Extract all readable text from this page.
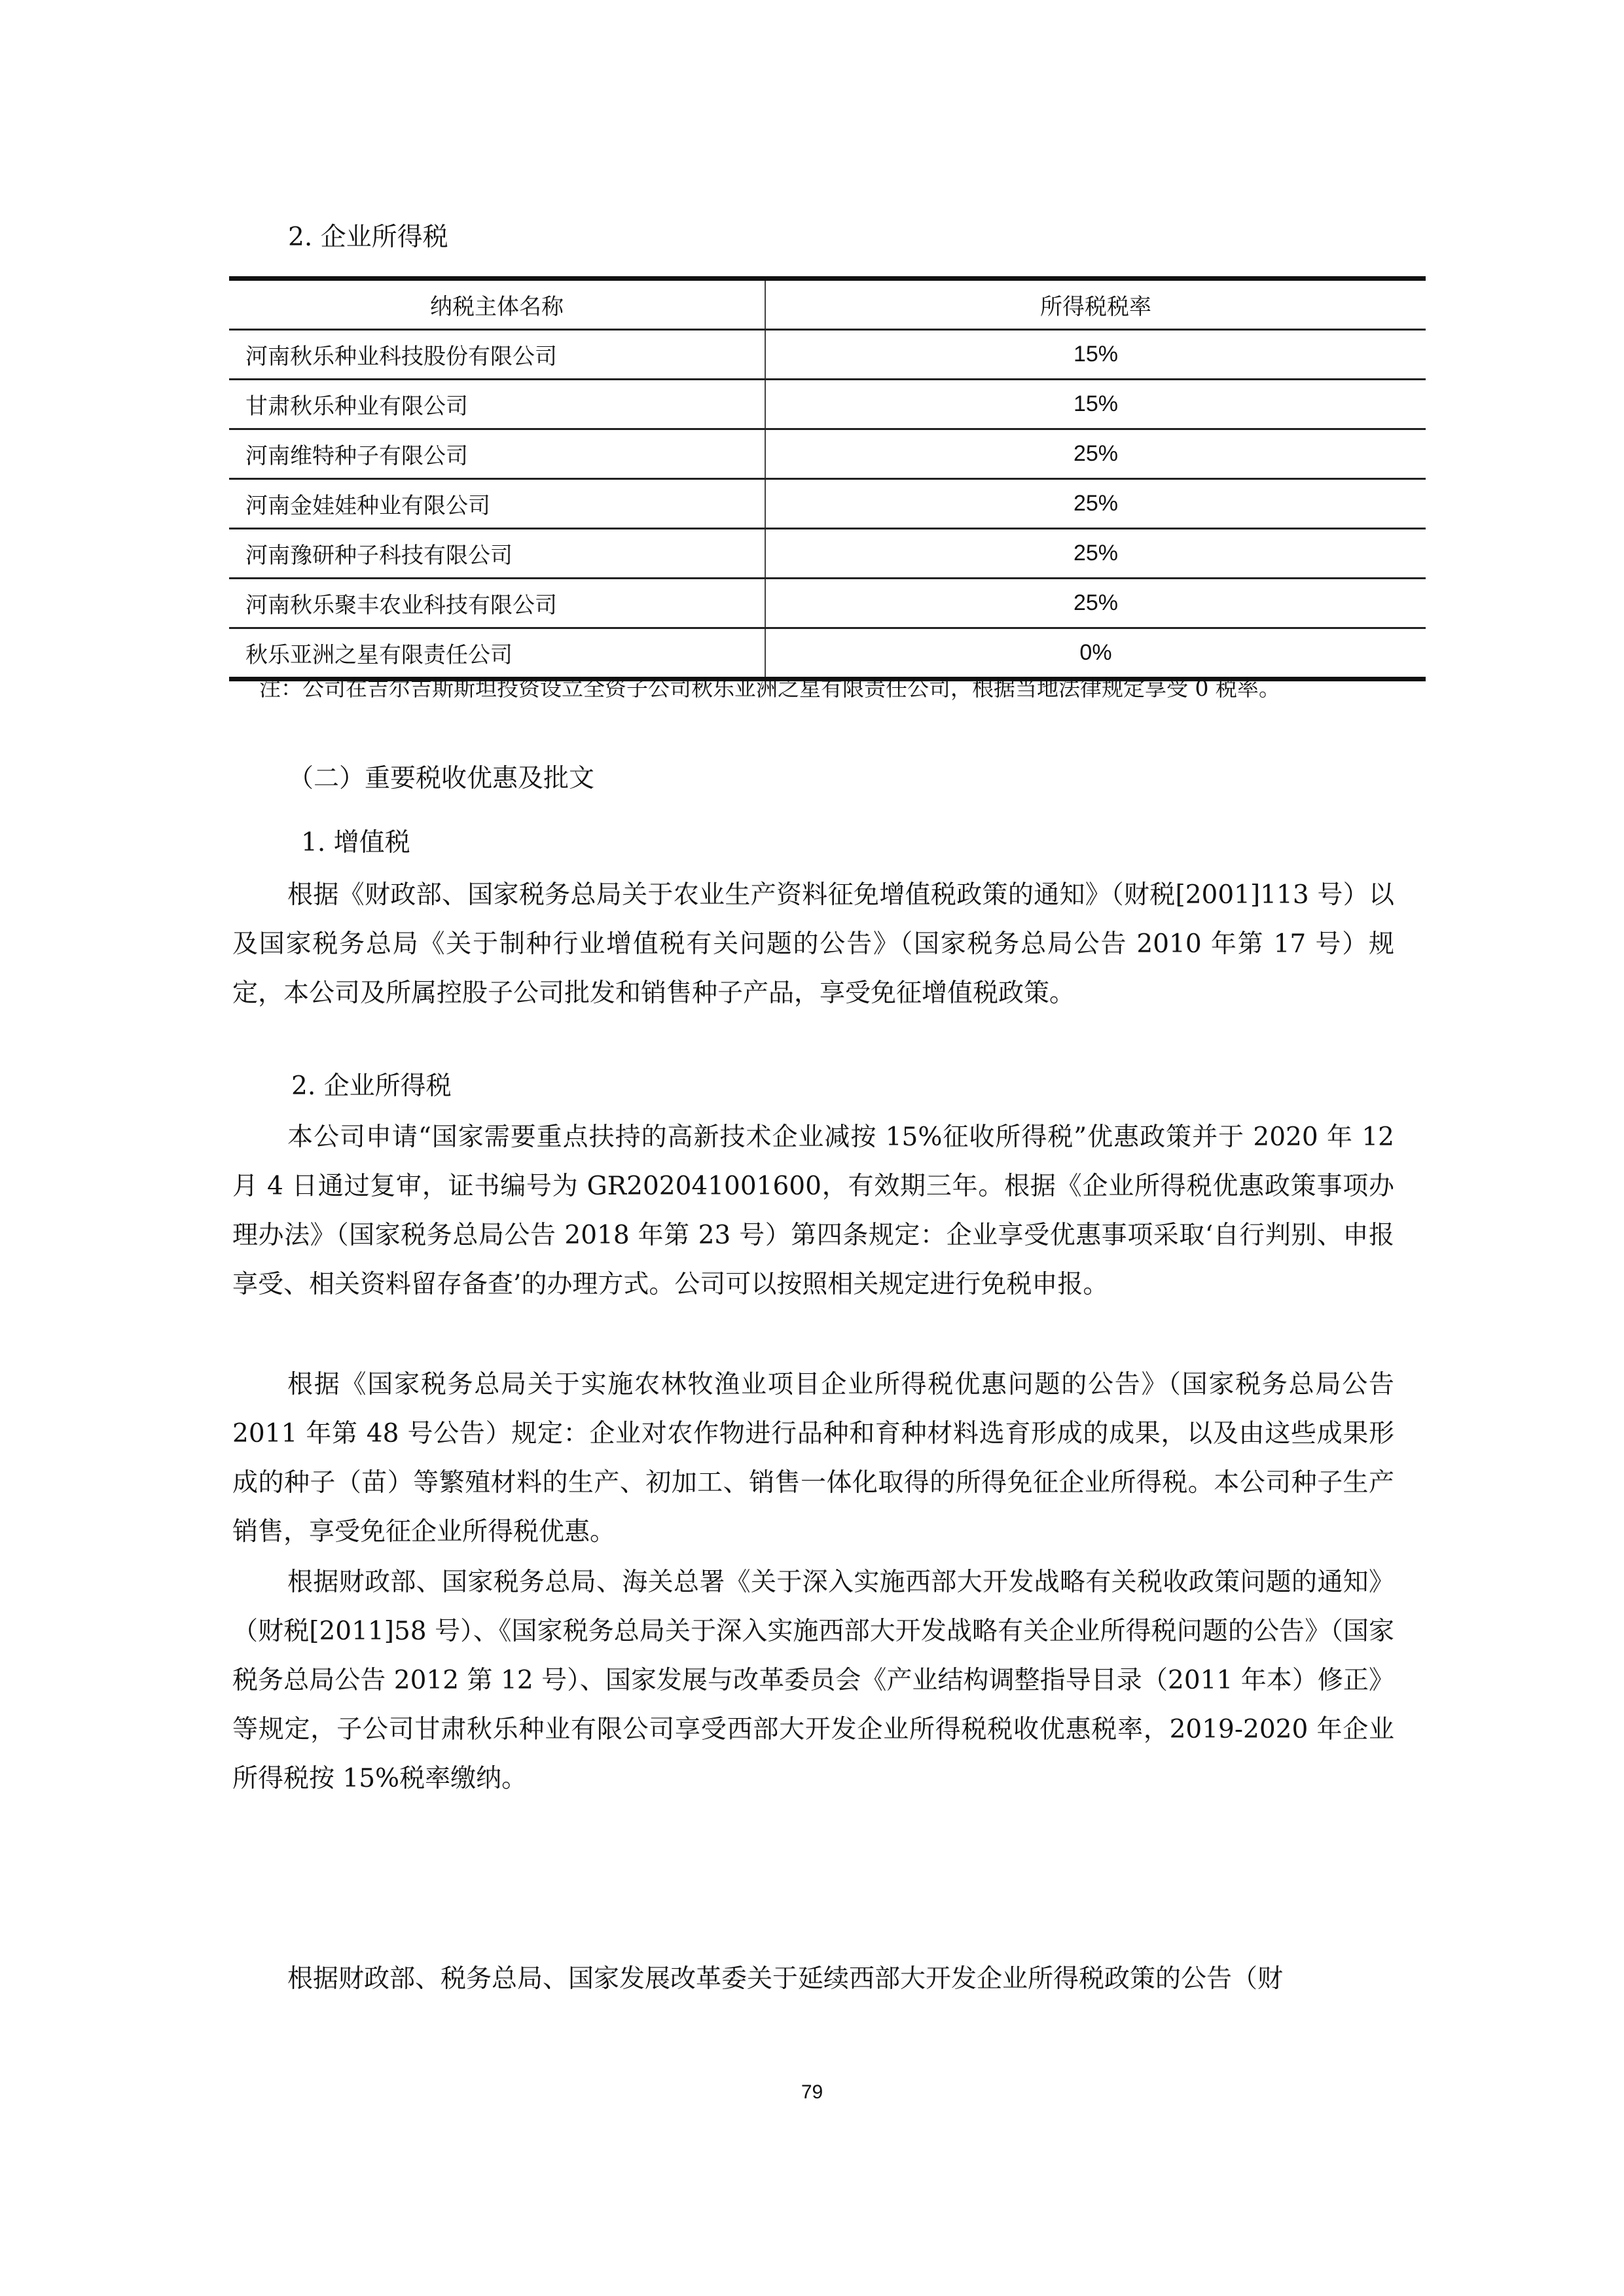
2. 企业所得税
纳税主体名称	所得税税率
河南秋乐种业科技股份有限公司	15%
甘肃秋乐种业有限公司	15%
河南维特种子有限公司	25%
河南金娃娃种业有限公司	25%
河南豫研种子科技有限公司	25%
河南秋乐聚丰农业科技有限公司	25%
秋乐亚洲之星有限责任公司	0%
注：公司在吉尔吉斯斯坦投资设立全资子公司秋乐亚洲之星有限责任公司，根据当地法律规定享受 0 税率。
（二）重要税收优惠及批文
1. 增值税

根据《财政部、国家税务总局关于农业生产资料征免增值税政策的通知》（财税[2001]113 号）以及国家税务总局《关于制种行业增值税有关问题的公告》（国家税务总局公告 2010 年第 17 号）规定，本公司及所属控股子公司批发和销售种子产品，享受免征增值税政策。

2. 企业所得税

本公司申请“国家需要重点扶持的高新技术企业减按 15%征收所得税”优惠政策并于 2020 年 12 月 4 日通过复审，证书编号为 GR202041001600，有效期三年。根据《企业所得税优惠政策事项办理办法》（国家税务总局公告 2018 年第 23 号）第四条规定：企业享受优惠事项采取‘自行判别、申报享受、相关资料留存备查’的办理方式。公司可以按照相关规定进行免税申报。

根据《国家税务总局关于实施农林牧渔业项目企业所得税优惠问题的公告》（国家税务总局公告 2011 年第 48 号公告）规定：企业对农作物进行品种和育种材料选育形成的成果，以及由这些成果形成的种子（苗）等繁殖材料的生产、初加工、销售一体化取得的所得免征企业所得税。本公司种子生产销售，享受免征企业所得税优惠。

根据财政部、国家税务总局、海关总署《关于深入实施西部大开发战略有关税收政策问题的通知》（财税[2011]58 号）、《国家税务总局关于深入实施西部大开发战略有关企业所得税问题的公告》（国家税务总局公告 2012 第 12 号）、国家发展与改革委员会《产业结构调整指导目录（2011 年本）修正》等规定，子公司甘肃秋乐种业有限公司享受西部大开发企业所得税税收优惠税率，2019-2020 年企业所得税按 15%税率缴纳。

根据财政部、税务总局、国家发展改革委关于延续西部大开发企业所得税政策的公告（财

79
